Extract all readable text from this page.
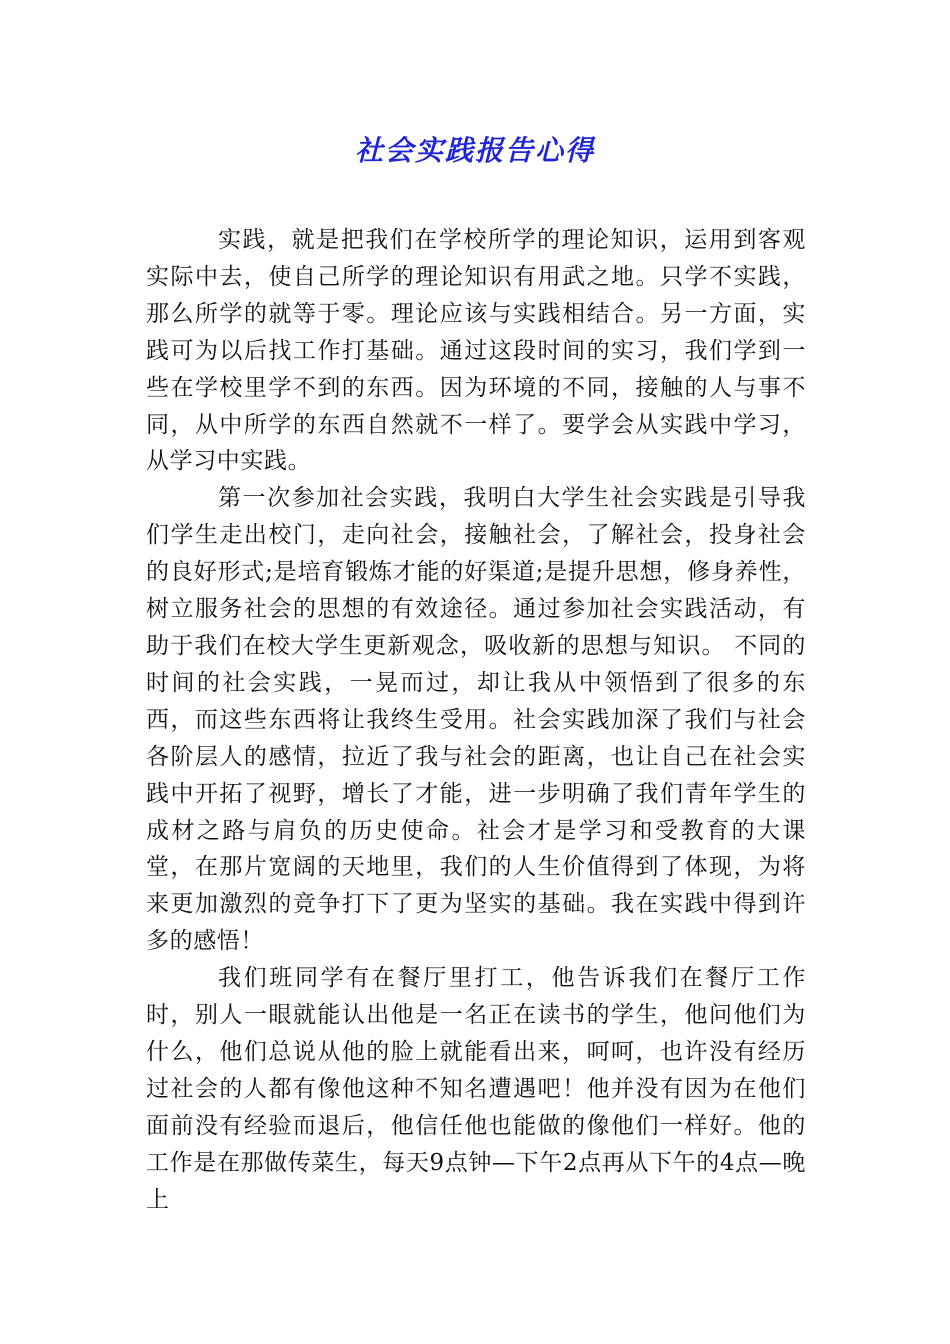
社会实践报告心得

实践，就是把我们在学校所学的理论知识，运用到客观实际中去，使自己所学的理论知识有用武之地。只学不实践，那么所学的就等于零。理论应该与实践相结合。另一方面，实践可为以后找工作打基础。通过这段时间的实习，我们学到一些在学校里学不到的东西。因为环境的不同，接触的人与事不同，从中所学的东西自然就不一样了。要学会从实践中学习，从学习中实践。

第一次参加社会实践，我明白大学生社会实践是引导我们学生走出校门，走向社会，接触社会，了解社会，投身社会的良好形式;是培育锻炼才能的好渠道;是提升思想，修身养性，树立服务社会的思想的有效途径。通过参加社会实践活动，有助于我们在校大学生更新观念，吸收新的思想与知识。 不同的时间的社会实践，一晃而过，却让我从中领悟到了很多的东西，而这些东西将让我终生受用。社会实践加深了我们与社会各阶层人的感情，拉近了我与社会的距离，也让自己在社会实践中开拓了视野，增长了才能，进一步明确了我们青年学生的成材之路与肩负的历史使命。社会才是学习和受教育的大课堂，在那片宽阔的天地里，我们的人生价值得到了体现，为将来更加激烈的竞争打下了更为坚实的基础。我在实践中得到许多的感悟！

我们班同学有在餐厅里打工，他告诉我们在餐厅工作时，别人一眼就能认出他是一名正在读书的学生，他问他们为什么，他们总说从他的脸上就能看出来，呵呵，也许没有经历过社会的人都有像他这种不知名遭遇吧！他并没有因为在他们面前没有经验而退后，他信任他也能做的像他们一样好。他的工作是在那做传菜生，每天9点钟—下午2点再从下午的4点—晚上
